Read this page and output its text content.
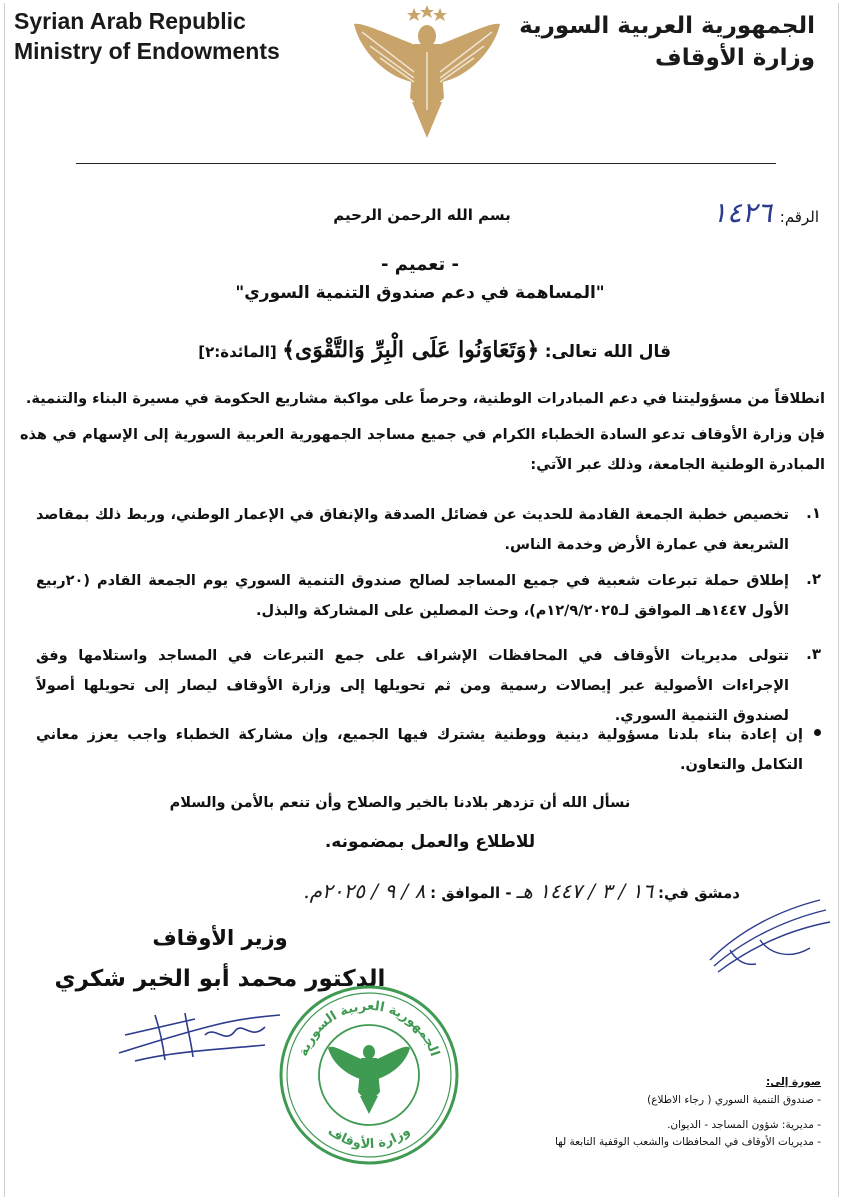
Syrian Arab Republic
Ministry of Endowments
الجمهورية العربية السورية
وزارة الأوقاف
الرقم:
١٤٢٦
بسم الله الرحمن الرحيم
- تعميم -
"المساهمة في دعم صندوق التنمية السوري"
قال الله تعالى: ﴿وَتَعَاوَنُوا عَلَى الْبِرِّ وَالتَّقْوَى﴾ [المائدة:٢]
انطلاقاً من مسؤوليتنا في دعم المبادرات الوطنية، وحرصاً على مواكبة مشاريع الحكومة في مسيرة البناء والتنمية.
فإن وزارة الأوقاف تدعو السادة الخطباء الكرام في جميع مساجد الجمهورية العربية السورية إلى الإسهام في هذه المبادرة الوطنية الجامعة، وذلك عبر الآتي:
١.
تخصيص خطبة الجمعة القادمة للحديث عن فضائل الصدقة والإنفاق في الإعمار الوطني، وربط ذلك بمقاصد الشريعة في عمارة الأرض وخدمة الناس.
٢.
إطلاق حملة تبرعات شعبية في جميع المساجد لصالح صندوق التنمية السوري يوم الجمعة القادم (٢٠ربيع الأول ١٤٤٧هـ الموافق لـ١٢/٩/٢٠٢٥م)، وحث المصلين على المشاركة والبذل.
٣.
تتولى مديريات الأوقاف في المحافظات الإشراف على جمع التبرعات في المساجد واستلامها وفق الإجراءات الأصولية عبر إيصالات رسمية ومن ثم تحويلها إلى وزارة الأوقاف ليصار إلى تحويلها أصولاً لصندوق التنمية السوري.
إن إعادة بناء بلدنا مسؤولية دينية ووطنية يشترك فيها الجميع، وإن مشاركة الخطباء واجب يعزز معاني التكامل والتعاون.
نسأل الله أن تزدهر بلادنا بالخير والصلاح وأن تنعم بالأمن والسلام
للاطلاع والعمل بمضمونه.
دمشق في: ١٦ / ٣ / ١٤٤٧ هـ - الموافق : ٨ / ٩ / ٢٠٢٥م.
وزير الأوقاف
الدكتور محمد أبو الخير شكري
الجمهورية العربية السورية
وزارة الأوقاف
صورة إلى:
- صندوق التنمية السوري ( رجاء الاطلاع)
- مديرية: شؤون المساجد - الديوان.
- مديريات الأوقاف في المحافظات والشعب الوقفية التابعة لها
